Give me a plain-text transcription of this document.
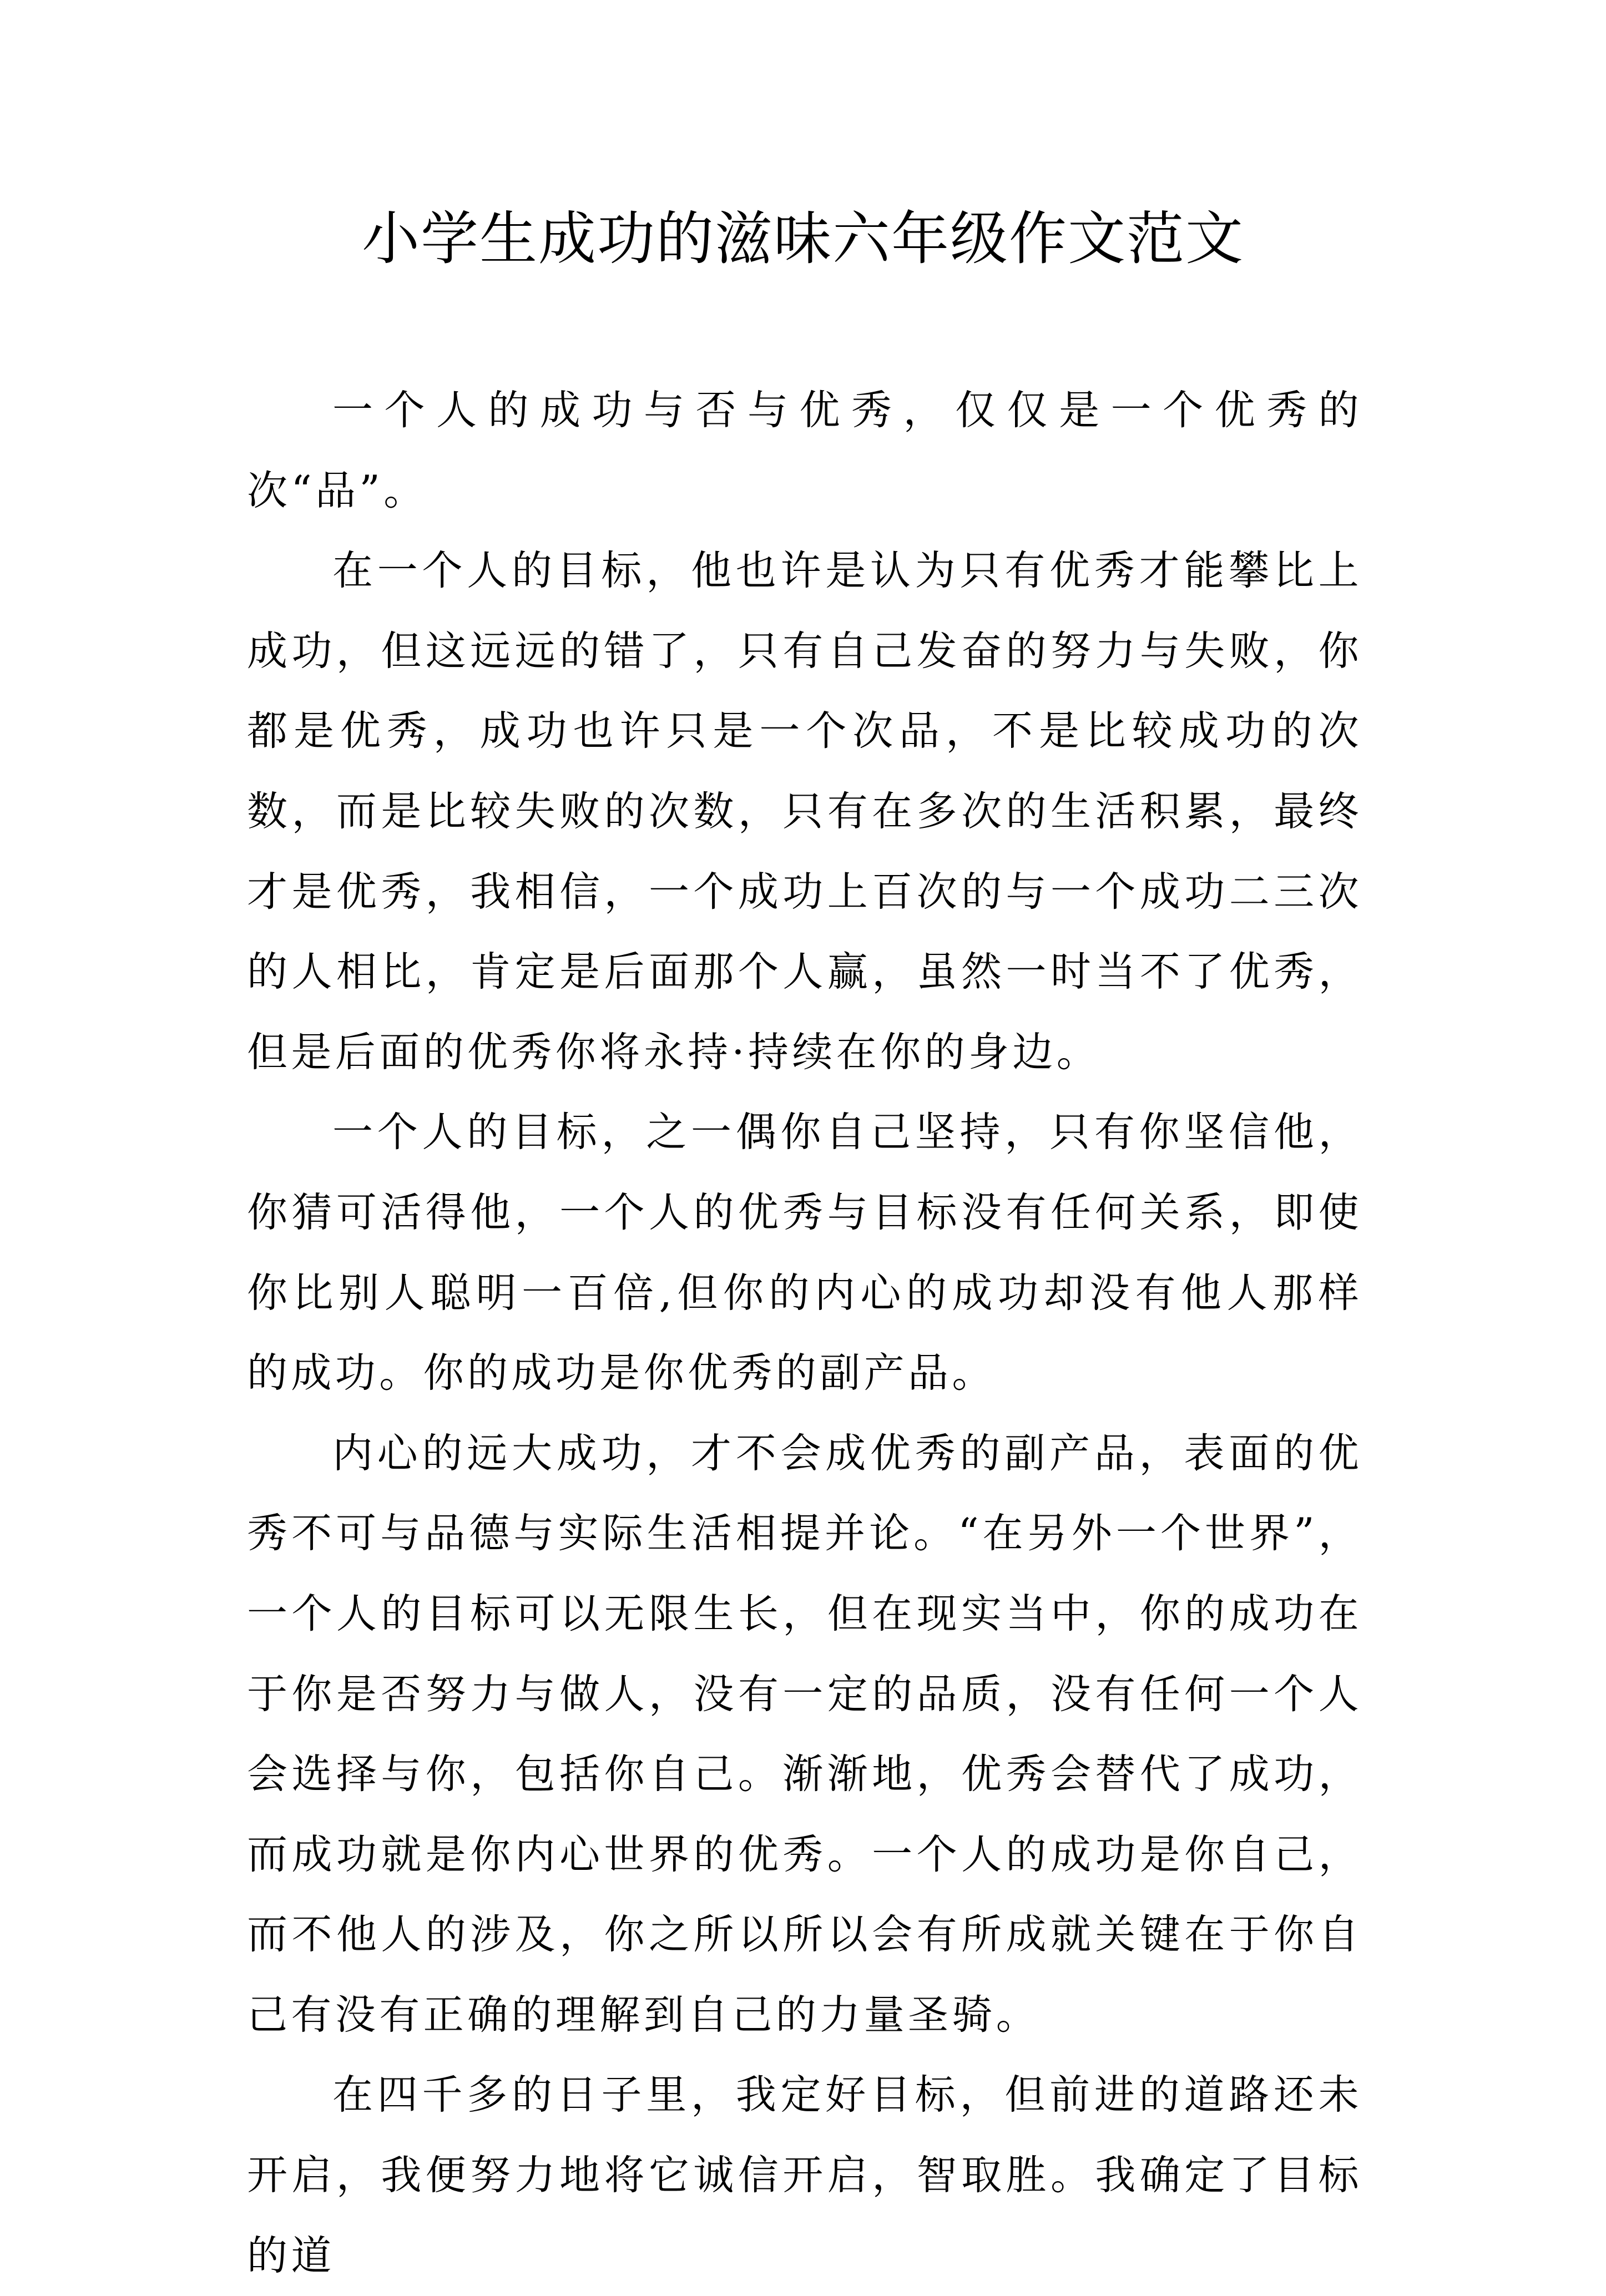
小学生成功的滋味六年级作文范文

一个人的成功与否与优秀，仅仅是一个优秀的次“品”。

在一个人的目标，他也许是认为只有优秀才能攀比上成功，但这远远的错了，只有自己发奋的努力与失败，你都是优秀，成功也许只是一个次品，不是比较成功的次数，而是比较失败的次数，只有在多次的生活积累，最终才是优秀，我相信，一个成功上百次的与一个成功二三次的人相比，肯定是后面那个人赢，虽然一时当不了优秀，但是后面的优秀你将永持·持续在你的身边。

一个人的目标，之一偶你自己坚持，只有你坚信他，你猜可活得他，一个人的优秀与目标没有任何关系，即使你比别人聪明一百倍,但你的内心的成功却没有他人那样的成功。你的成功是你优秀的副产品。

内心的远大成功，才不会成优秀的副产品，表面的优秀不可与品德与实际生活相提并论。“在另外一个世界”，一个人的目标可以无限生长，但在现实当中，你的成功在于你是否努力与做人，没有一定的品质，没有任何一个人会选择与你，包括你自己。渐渐地，优秀会替代了成功，而成功就是你内心世界的优秀。一个人的成功是你自己，而不他人的涉及，你之所以所以会有所成就关键在于你自己有没有正确的理解到自己的力量圣骑。

在四千多的日子里，我定好目标，但前进的道路还未开启，我便努力地将它诚信开启，智取胜。我确定了目标的道
